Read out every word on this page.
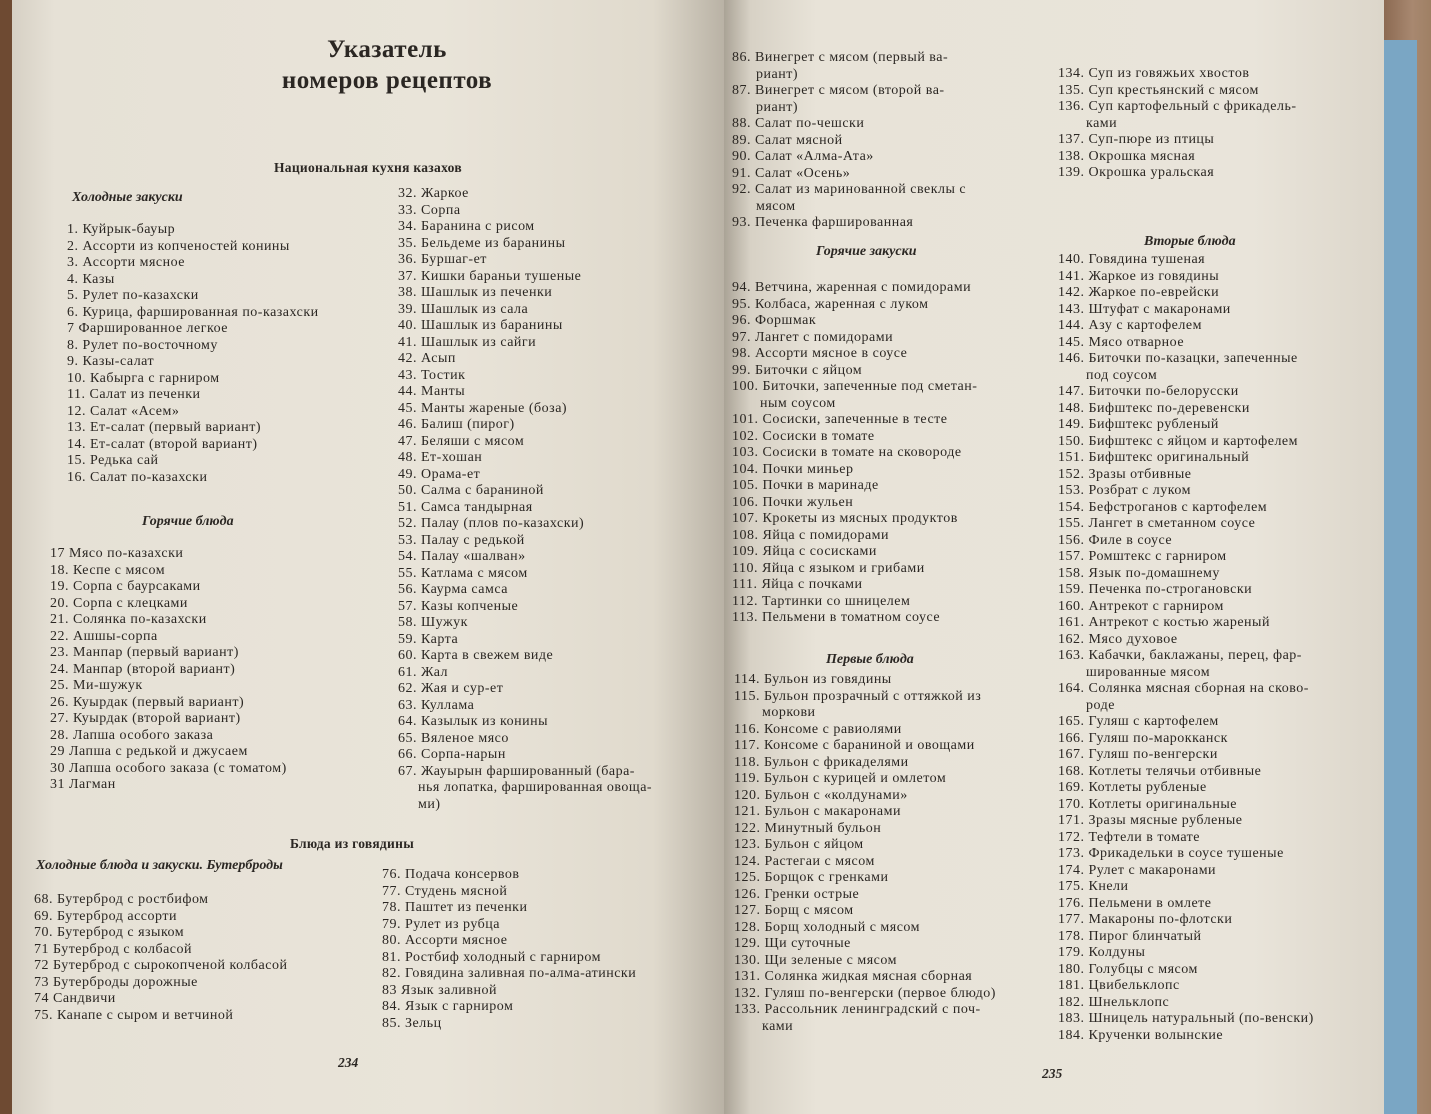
Указатель
номеров рецептов
Национальная кухня казахов
Холодные закуски
1. Куйрык-бауыр
2. Ассорти из копченостей конины
3. Ассорти мясное
4. Казы
5. Рулет по-казахски
6. Курица, фаршированная по-казахски
7 Фаршированное легкое
8. Рулет по-восточному
9. Казы-салат
10. Кабырга с гарниром
11. Салат из печенки
12. Салат «Асем»
13. Ет-салат (первый вариант)
14. Ет-салат (второй вариант)
15. Редька сай
16. Салат по-казахски
Горячие блюда
17 Мясо по-казахски
18. Кеспе с мясом
19. Сорпа с баурсаками
20. Сорпа с клецками
21. Солянка по-казахски
22. Ашшы-сорпа
23. Манпар (первый вариант)
24. Манпар (второй вариант)
25. Ми-шужук
26. Куырдак (первый вариант)
27. Куырдак (второй вариант)
28. Лапша особого заказа
29 Лапша с редькой и джусаем
30 Лапша особого заказа (с томатом)
31 Лагман
32. Жаркое
33. Сорпа
34. Баранина с рисом
35. Бельдеме из баранины
36. Буршаг-ет
37. Кишки бараньи тушеные
38. Шашлык из печенки
39. Шашлык из сала
40. Шашлык из баранины
41. Шашлык из сайги
42. Асып
43. Тостик
44. Манты
45. Манты жареные (боза)
46. Балиш (пирог)
47. Беляши с мясом
48. Ет-хошан
49. Орама-ет
50. Салма с бараниной
51. Самса тандырная
52. Палау (плов по-казахски)
53. Палау с редькой
54. Палау «шалван»
55. Катлама с мясом
56. Каурма самса
57. Казы копченые
58. Шужук
59. Карта
60. Карта в свежем виде
61. Жал
62. Жая и сур-ет
63. Куллама
64. Казылык из конины
65. Вяленое мясо
66. Сорпа-нарын
67. Жауырын фаршированный (бара-
нья лопатка, фаршированная овоща-
ми)
Блюда из говядины
Холодные блюда и закуски. Бутерброды
68. Бутерброд с ростбифом
69. Бутерброд ассорти
70. Бутерброд с языком
71 Бутерброд с колбасой
72 Бутерброд с сырокопченой колбасой
73 Бутерброды дорожные
74 Сандвичи
75. Канапе с сыром и ветчиной
76. Подача консервов
77. Студень мясной
78. Паштет из печенки
79. Рулет из рубца
80. Ассорти мясное
81. Ростбиф холодный с гарниром
82. Говядина заливная по-алма-атински
83 Язык заливной
84. Язык с гарниром
85. Зельц
234
86. Винегрет с мясом (первый ва-
риант)
87. Винегрет с мясом (второй ва-
риант)
88. Салат по-чешски
89. Салат мясной
90. Салат «Алма-Ата»
91. Салат «Осень»
92. Салат из маринованной свеклы с
мясом
93. Печенка фаршированная
Горячие закуски
94. Ветчина, жаренная с помидорами
95. Колбаса, жаренная с луком
96. Форшмак
97. Лангет с помидорами
98. Ассорти мясное в соусе
99. Биточки с яйцом
100. Биточки, запеченные под сметан-
ным соусом
101. Сосиски, запеченные в тесте
102. Сосиски в томате
103. Сосиски в томате на сковороде
104. Почки миньер
105. Почки в маринаде
106. Почки жульен
107. Крокеты из мясных продуктов
108. Яйца с помидорами
109. Яйца с сосисками
110. Яйца с языком и грибами
111. Яйца с почками
112. Тартинки со шницелем
113. Пельмени в томатном соусе
Первые блюда
114. Бульон из говядины
115. Бульон прозрачный с оттяжкой из
моркови
116. Консоме с равиолями
117. Консоме с бараниной и овощами
118. Бульон с фрикаделями
119. Бульон с курицей и омлетом
120. Бульон с «колдунами»
121. Бульон с макаронами
122. Минутный бульон
123. Бульон с яйцом
124. Растегаи с мясом
125. Борщок с гренками
126. Гренки острые
127. Борщ с мясом
128. Борщ холодный с мясом
129. Щи суточные
130. Щи зеленые с мясом
131. Солянка жидкая мясная сборная
132. Гуляш по-венгерски (первое блюдо)
133. Рассольник ленинградский с поч-
ками
134. Суп из говяжьих хвостов
135. Суп крестьянский с мясом
136. Суп картофельный с фрикадель-
ками
137. Суп-пюре из птицы
138. Окрошка мясная
139. Окрошка уральская
Вторые блюда
140. Говядина тушеная
141. Жаркое из говядины
142. Жаркое по-еврейски
143. Штуфат с макаронами
144. Азу с картофелем
145. Мясо отварное
146. Биточки по-казацки, запеченные
под соусом
147. Биточки по-белорусски
148. Бифштекс по-деревенски
149. Бифштекс рубленый
150. Бифштекс с яйцом и картофелем
151. Бифштекс оригинальный
152. Зразы отбивные
153. Розбрат с луком
154. Бефстроганов с картофелем
155. Лангет в сметанном соусе
156. Филе в соусе
157. Ромштекс с гарниром
158. Язык по-домашнему
159. Печенка по-строгановски
160. Антрекот с гарниром
161. Антрекот с костью жареный
162. Мясо духовое
163. Кабачки, баклажаны, перец, фар-
шированные мясом
164. Солянка мясная сборная на сково-
роде
165. Гуляш с картофелем
166. Гуляш по-марокканск
167. Гуляш по-венгерски
168. Котлеты телячьи отбивные
169. Котлеты рубленые
170. Котлеты оригинальные
171. Зразы мясные рубленые
172. Тефтели в томате
173. Фрикадельки в соусе тушеные
174. Рулет с макаронами
175. Кнели
176. Пельмени в омлете
177. Макароны по-флотски
178. Пирог блинчатый
179. Колдуны
180. Голубцы с мясом
181. Цвибельклопс
182. Шнельклопс
183. Шницель натуральный (по-венски)
184. Крученки волынские
235
